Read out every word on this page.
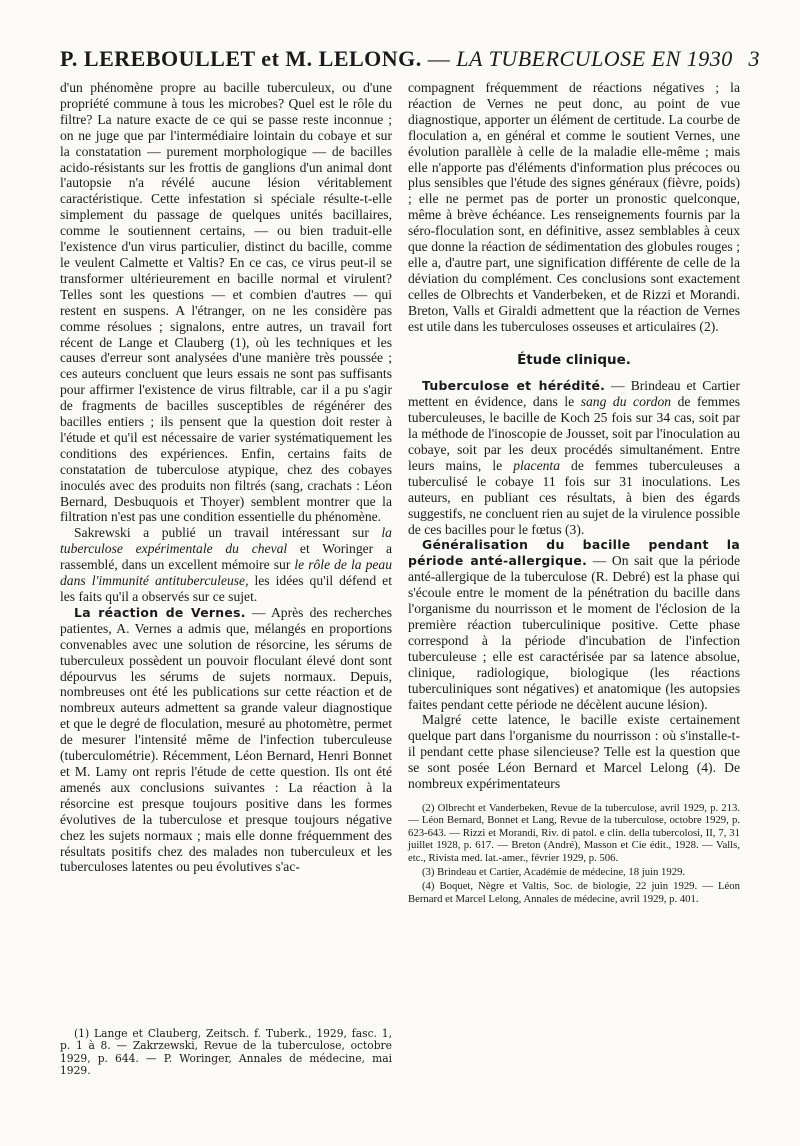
P. LEREBOULLET et M. LELONG. — LA TUBERCULOSE EN 1930 3

d'un phénomène propre au bacille tuberculeux, ou d'une propriété commune à tous les microbes? Quel est le rôle du filtre? La nature exacte de ce qui se passe reste inconnue ; on ne juge que par l'intermédiaire lointain du cobaye et sur la constatation — purement morphologique — de bacilles acido-résistants sur les frottis de ganglions d'un animal dont l'autopsie n'a révélé aucune lésion véritablement caractéristique. Cette infestation si spéciale résulte-t-elle simplement du passage de quelques unités bacillaires, comme le soutiennent certains, — ou bien traduit-elle l'existence d'un virus particulier, distinct du bacille, comme le veulent Calmette et Valtis? En ce cas, ce virus peut-il se transformer ultérieurement en bacille normal et virulent? Telles sont les questions — et combien d'autres — qui restent en suspens. A l'étranger, on ne les considère pas comme résolues ; signalons, entre autres, un travail fort récent de Lange et Clauberg (1), où les techniques et les causes d'erreur sont analysées d'une manière très poussée ; ces auteurs concluent que leurs essais ne sont pas suffisants pour affirmer l'existence de virus filtrable, car il a pu s'agir de fragments de bacilles susceptibles de régénérer des bacilles entiers ; ils pensent que la question doit rester à l'étude et qu'il est nécessaire de varier systématiquement les conditions des expériences. Enfin, certains faits de constatation de tuberculose atypique, chez des cobayes inoculés avec des produits non filtrés (sang, crachats : Léon Bernard, Desbuquois et Thoyer) semblent montrer que la filtration n'est pas une condition essentielle du phénomène.

Sakrewski a publié un travail intéressant sur la tuberculose expérimentale du cheval et Woringer a rassemblé, dans un excellent mémoire sur le rôle de la peau dans l'immunité antituberculeuse, les idées qu'il défend et les faits qu'il a observés sur ce sujet.

La réaction de Vernes. — Après des recherches patientes, A. Vernes a admis que, mélangés en proportions convenables avec une solution de résorcine, les sérums de tuberculeux possèdent un pouvoir floculant élevé dont sont dépourvus les sérums de sujets normaux. Depuis, nombreuses ont été les publications sur cette réaction et de nombreux auteurs admettent sa grande valeur diagnostique et que le degré de floculation, mesuré au photomètre, permet de mesurer l'intensité même de l'infection tuberculeuse (tuberculométrie). Récemment, Léon Bernard, Henri Bonnet et M. Lamy ont repris l'étude de cette question. Ils ont été amenés aux conclusions suivantes : La réaction à la résorcine est presque toujours positive dans les formes évolutives de la tuberculose et presque toujours négative chez les sujets normaux ; mais elle donne fréquemment des résultats positifs chez des malades non tuberculeux et les tuberculoses latentes ou peu évolutives s'ac-

(1) Lange et Clauberg, Zeitsch. f. Tuberk., 1929, fasc. 1, p. 1 à 8. — Zakrzewski, Revue de la tuberculose, octobre 1929, p. 644. — P. Woringer, Annales de médecine, mai 1929.

compagnent fréquemment de réactions négatives ; la réaction de Vernes ne peut donc, au point de vue diagnostique, apporter un élément de certitude. La courbe de floculation a, en général et comme le soutient Vernes, une évolution parallèle à celle de la maladie elle-même ; mais elle n'apporte pas d'éléments d'information plus précoces ou plus sensibles que l'étude des signes généraux (fièvre, poids) ; elle ne permet pas de porter un pronostic quelconque, même à brève échéance. Les renseignements fournis par la séro-floculation sont, en définitive, assez semblables à ceux que donne la réaction de sédimentation des globules rouges ; elle a, d'autre part, une signification différente de celle de la déviation du complément. Ces conclusions sont exactement celles de Olbrechts et Vanderbeken, et de Rizzi et Morandi. Breton, Valls et Giraldi admettent que la réaction de Vernes est utile dans les tuberculoses osseuses et articulaires (2).

Étude clinique.

Tuberculose et hérédité. — Brindeau et Cartier mettent en évidence, dans le sang du cordon de femmes tuberculeuses, le bacille de Koch 25 fois sur 34 cas, soit par la méthode de l'inoscopie de Jousset, soit par l'inoculation au cobaye, soit par les deux procédés simultanément. Entre leurs mains, le placenta de femmes tuberculeuses a tuberculisé le cobaye 11 fois sur 31 inoculations. Les auteurs, en publiant ces résultats, à bien des égards suggestifs, ne concluent rien au sujet de la virulence possible de ces bacilles pour le fœtus (3).

Généralisation du bacille pendant la période anté-allergique. — On sait que la période anté-allergique de la tuberculose (R. Debré) est la phase qui s'écoule entre le moment de la pénétration du bacille dans l'organisme du nourrisson et le moment de l'éclosion de la première réaction tuberculinique positive. Cette phase correspond à la période d'incubation de l'infection tuberculeuse ; elle est caractérisée par sa latence absolue, clinique, radiologique, biologique (les réactions tuberculiniques sont négatives) et anatomique (les autopsies faites pendant cette période ne décèlent aucune lésion).

Malgré cette latence, le bacille existe certainement quelque part dans l'organisme du nourrisson : où s'installe-t-il pendant cette phase silencieuse? Telle est la question que se sont posée Léon Bernard et Marcel Lelong (4). De nombreux expérimentateurs

(2) Olbrecht et Vanderbeken, Revue de la tuberculose, avril 1929, p. 213. — Léon Bernard, Bonnet et Lang, Revue de la tuberculose, octobre 1929, p. 623-643. — Rizzi et Morandi, Riv. di patol. e clin. della tubercolosi, II, 7, 31 juillet 1928, p. 617. — Breton (André), Masson et Cie édit., 1928. — Valls, etc., Rivista med. lat.-amer., février 1929, p. 506.

(3) Brindeau et Cartier, Académie de médecine, 18 juin 1929.

(4) Boquet, Nègre et Valtis, Soc. de biologie, 22 juin 1929. — Léon Bernard et Marcel Lelong, Annales de médecine, avril 1929, p. 401.
